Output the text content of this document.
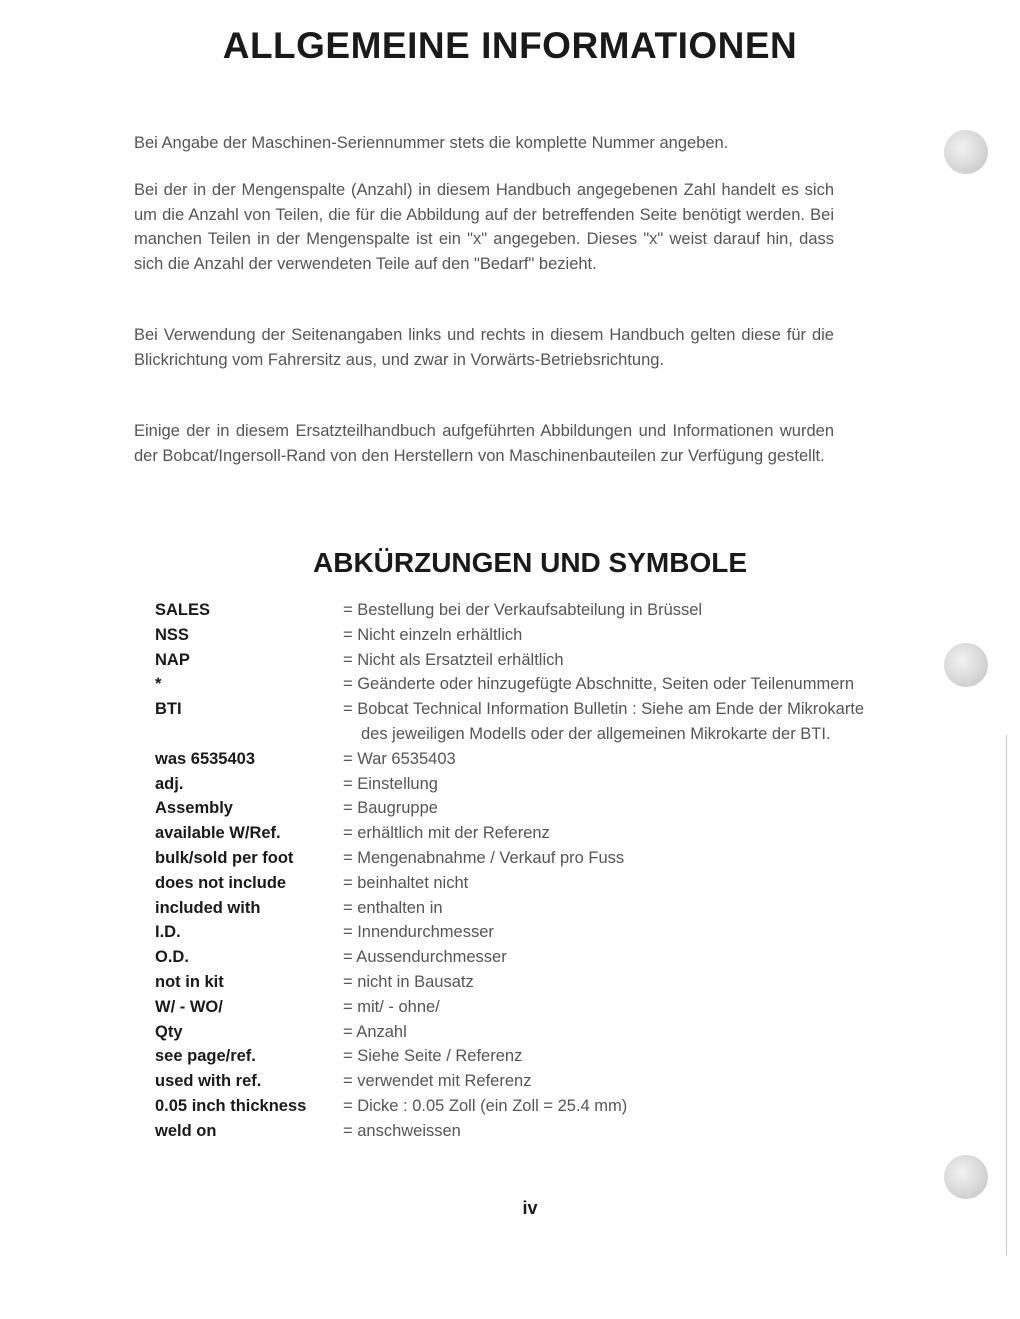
ALLGEMEINE INFORMATIONEN

Bei Angabe der Maschinen-Seriennummer stets die komplette Nummer angeben.

Bei der in der Mengenspalte (Anzahl) in diesem Handbuch angegebenen Zahl handelt es sich um die Anzahl von Teilen, die für die Abbildung auf der betreffenden Seite benötigt werden. Bei manchen Teilen in der Mengenspalte ist ein "x" angegeben. Dieses "x" weist darauf hin, dass sich die Anzahl der verwendeten Teile auf den "Bedarf" bezieht.

Bei Verwendung der Seitenangaben links und rechts in diesem Handbuch gelten diese für die Blickrichtung vom Fahrersitz aus, und zwar in Vorwärts-Betriebsrichtung.

Einige der in diesem Ersatzteilhandbuch aufgeführten Abbildungen und Informationen wurden der Bobcat/Ingersoll-Rand von den Herstellern von Maschinenbauteilen zur Verfügung gestellt.

ABKÜRZUNGEN UND SYMBOLE
SALES	= Bestellung bei der Verkaufsabteilung in Brüssel
NSS	= Nicht einzeln erhältlich
NAP	= Nicht als Ersatzteil erhältlich
*	= Geänderte oder hinzugefügte Abschnitte, Seiten oder Teilenummern
BTI	= Bobcat Technical Information Bulletin : Siehe am Ende der Mikrokarte des jeweiligen Modells oder der allgemeinen Mikrokarte der BTI.
was 6535403	= War 6535403
adj.	= Einstellung
Assembly	= Baugruppe
available W/Ref.	= erhältlich mit der Referenz
bulk/sold per foot	= Mengenabnahme / Verkauf pro Fuss
does not include	= beinhaltet nicht
included with	= enthalten in
I.D.	= Innendurchmesser
O.D.	= Aussendurchmesser
not in kit	= nicht in Bausatz
W/ - WO/	= mit/ - ohne/
Qty	= Anzahl
see page/ref.	= Siehe Seite / Referenz
used with ref.	= verwendet mit Referenz
0.05 inch thickness	= Dicke : 0.05 Zoll (ein Zoll = 25.4 mm)
weld on	= anschweissen

iv
